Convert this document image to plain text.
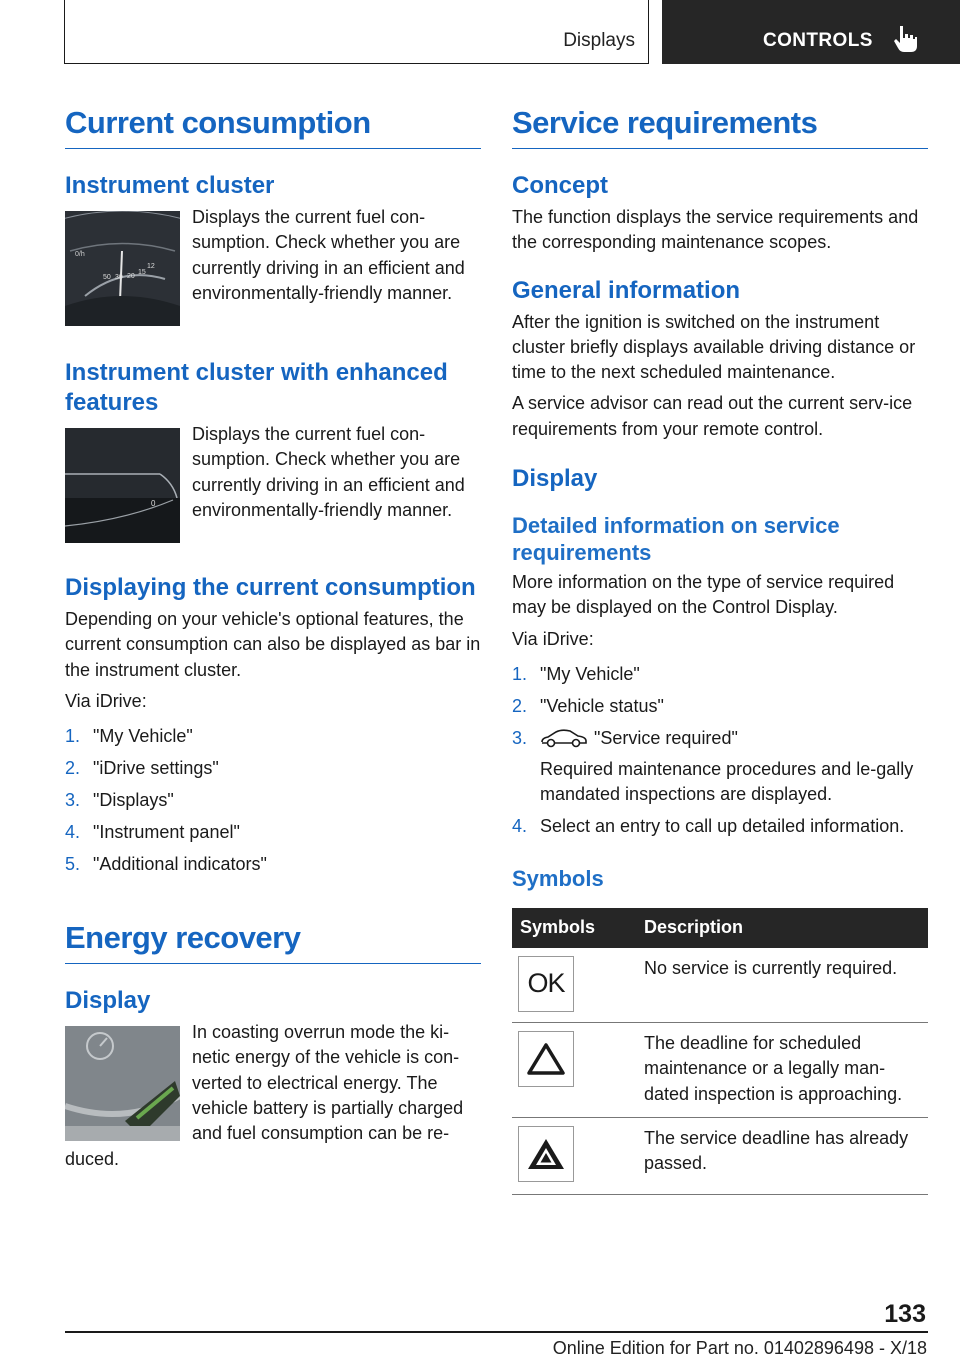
Displays	CONTROLS
Current consumption
Instrument cluster
0/h
50 30 20
15
12

Displays the current fuel con-sumption. Check whether you are currently driving in an efficient and environmentally-friendly manner.

Instrument cluster with enhanced features
0

Displays the current fuel con-sumption. Check whether you are currently driving in an efficient and environmentally-friendly manner.

Displaying the current consumption

Depending on your vehicle's optional features, the current consumption can also be displayed as bar in the instrument cluster.

Via iDrive:

1. "My Vehicle"
2. "iDrive settings"
3. "Displays"
4. "Instrument panel"
5. "Additional indicators"
Energy recovery
Display

In coasting overrun mode the ki-netic energy of the vehicle is con-verted to electrical energy. The vehicle battery is partially charged and fuel consumption can be re-duced.

Service requirements
Concept

The function displays the service requirements and the corresponding maintenance scopes.

General information

After the ignition is switched on the instrument cluster briefly displays available driving distance or time to the next scheduled maintenance.

A service advisor can read out the current serv-ice requirements from your remote control.

Display
Detailed information on service requirements

More information on the type of service required may be displayed on the Control Display.

Via iDrive:

1. "My Vehicle"
2. "Vehicle status"
3.	"Service required"
Required maintenance procedures and le-gally mandated inspections are displayed.
4. Select an entry to call up detailed information.
Symbols
Symbols	Description

OK	No service is currently required.

	The deadline for scheduled maintenance or a legally man-dated inspection is approaching.

	The service deadline has already passed.
133
Online Edition for Part no. 01402896498 - X/18
